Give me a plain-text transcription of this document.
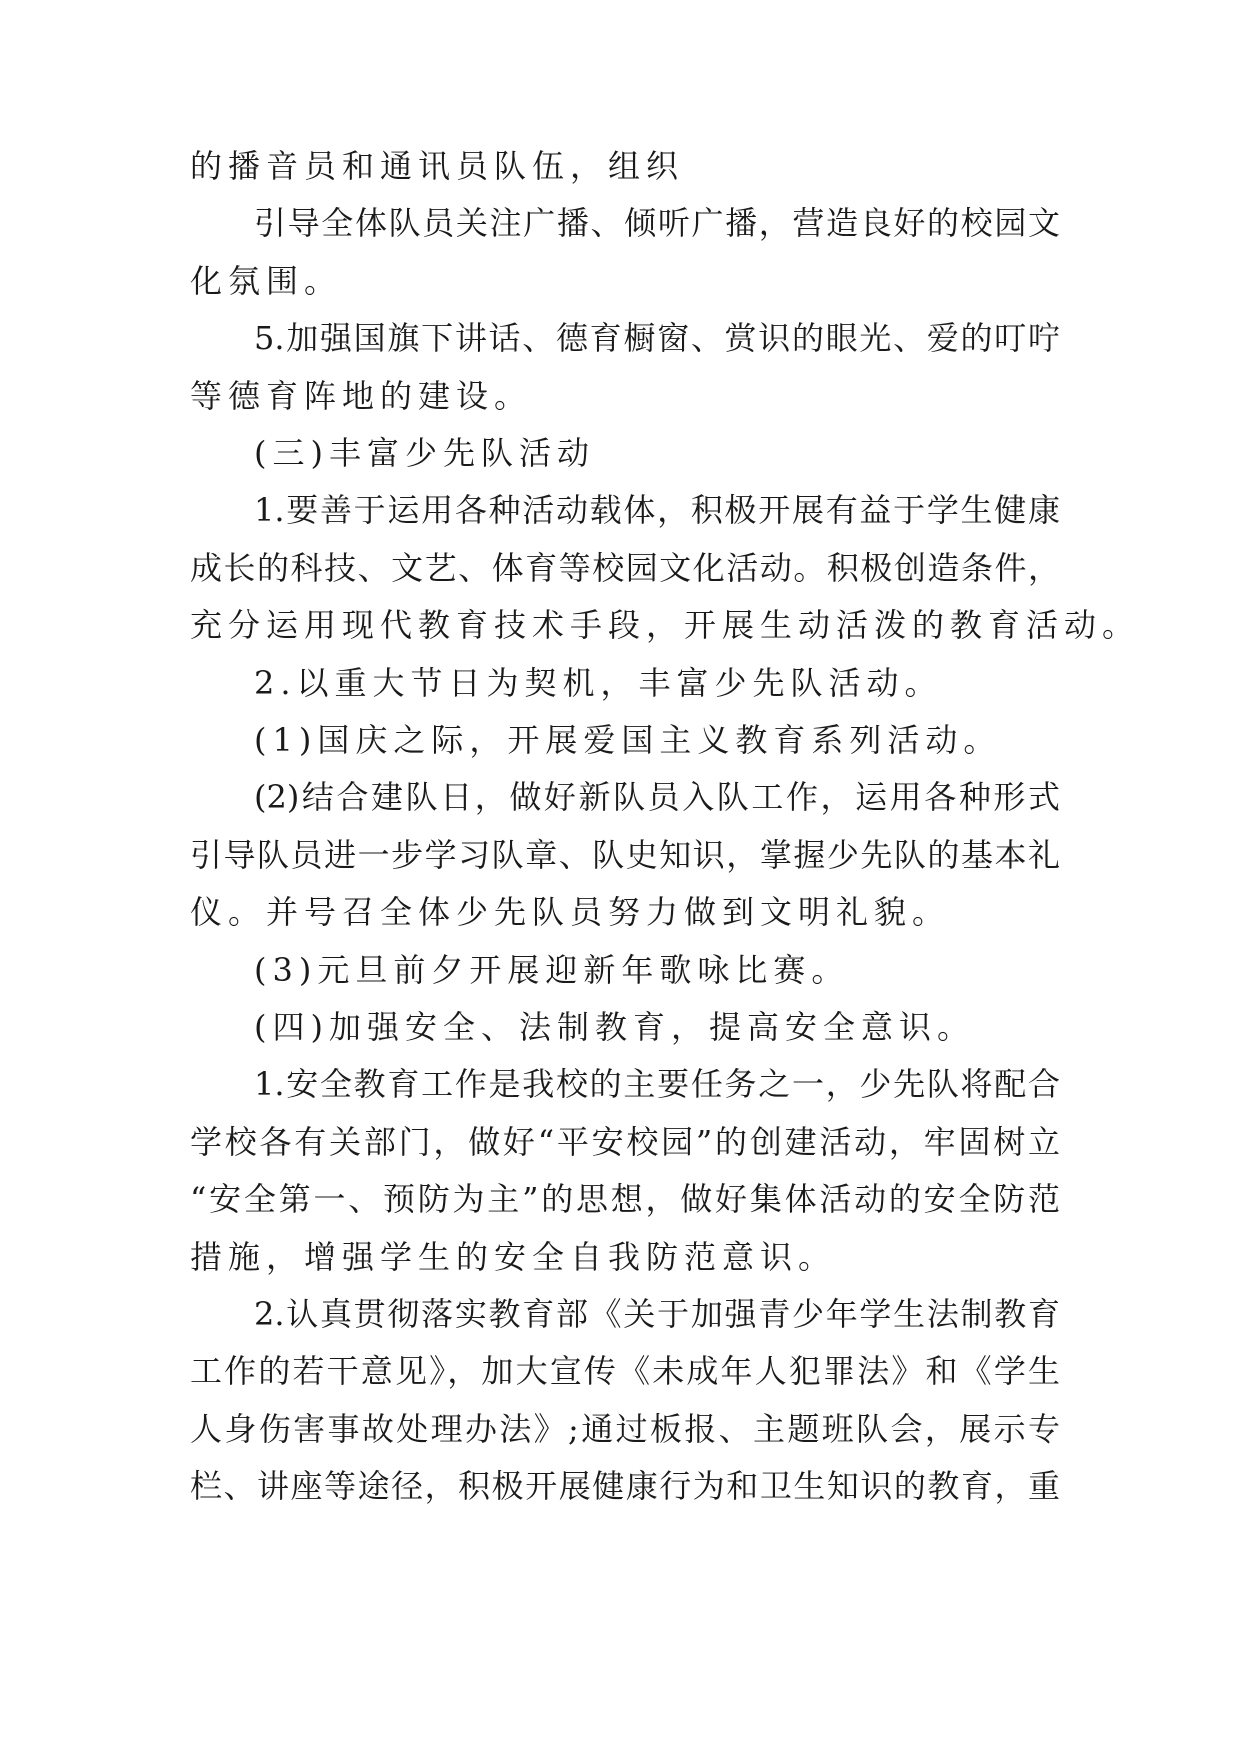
的播音员和通讯员队伍，组织
引导全体队员关注广播、倾听广播，营造良好的校园文
化氛围。
5.加强国旗下讲话、德育橱窗、赏识的眼光、爱的叮咛
等德育阵地的建设。
(三)丰富少先队活动
1.要善于运用各种活动载体，积极开展有益于学生健康
成长的科技、文艺、体育等校园文化活动。积极创造条件，
充分运用现代教育技术手段，开展生动活泼的教育活动。
2.以重大节日为契机，丰富少先队活动。
(1)国庆之际，开展爱国主义教育系列活动。
(2)结合建队日，做好新队员入队工作，运用各种形式
引导队员进一步学习队章、队史知识，掌握少先队的基本礼
仪。并号召全体少先队员努力做到文明礼貌。
(3)元旦前夕开展迎新年歌咏比赛。
(四)加强安全、法制教育，提高安全意识。
1.安全教育工作是我校的主要任务之一，少先队将配合
学校各有关部门，做好“平安校园”的创建活动，牢固树立
“安全第一、预防为主”的思想，做好集体活动的安全防范
措施，增强学生的安全自我防范意识。
2.认真贯彻落实教育部《关于加强青少年学生法制教育
工作的若干意见》，加大宣传《未成年人犯罪法》和《学生
人身伤害事故处理办法》;通过板报、主题班队会，展示专
栏、讲座等途径，积极开展健康行为和卫生知识的教育，重
